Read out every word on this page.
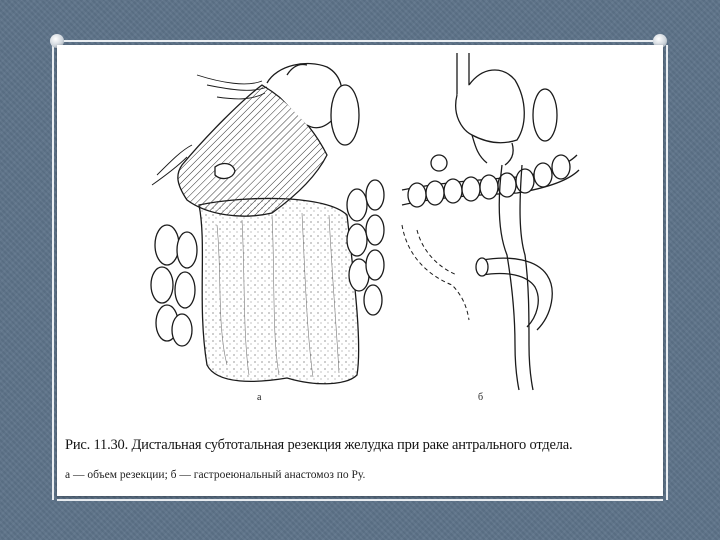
а	б
Рис. 11.30. Дистальная субтотальная резекция желудка при раке антрального отдела.
а — объем резекции; б — гастроеюнальный анастомоз по Ру.
